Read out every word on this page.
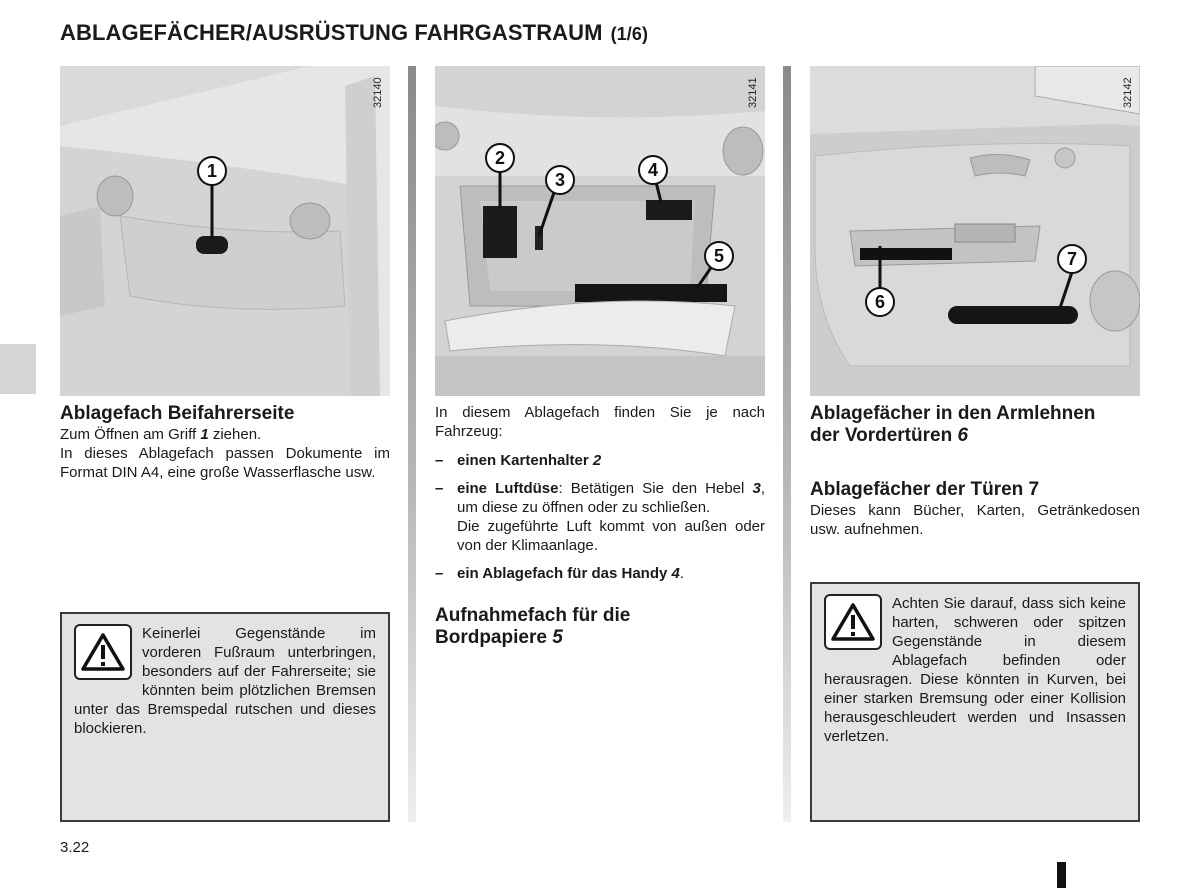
ABLAGEFÄCHER/AUSRÜSTUNG FAHRGASTRAUM (1/6)
1
32140
2
3	4
5
32141
6
7
32142
Ablagefach Beifahrerseite
Zum Öffnen am Griff 1 ziehen.
In dieses Ablagefach passen Dokumente im Format DIN A4, eine große Wasserflasche usw.
Keinerlei Gegenstände im vorderen Fußraum unterbringen, besonders auf der Fahrerseite; sie könnten beim plötzlichen Bremsen unter das Bremspedal rutschen und dieses blockieren.
In diesem Ablagefach finden Sie je nach Fahrzeug:
– einen Kartenhalter 2
– eine Luftdüse: Betätigen Sie den Hebel 3, um diese zu öffnen oder zu schließen.
Die zugeführte Luft kommt von außen oder von der Klimaanlage.
– ein Ablagefach für das Handy 4.
Aufnahmefach für die
Bordpapiere 5
Ablagefächer in den Armlehnen
der Vordertüren 6
Ablagefächer der Türen 7
Dieses kann Bücher, Karten, Getränkedosen usw. aufnehmen.
Achten Sie darauf, dass sich keine harten, schweren oder spitzen Gegenstände in diesem Ablagefach befinden oder herausragen. Diese könnten in Kurven, bei einer starken Bremsung oder einer Kollision herausgeschleudert werden und Insassen verletzen.
3.22
